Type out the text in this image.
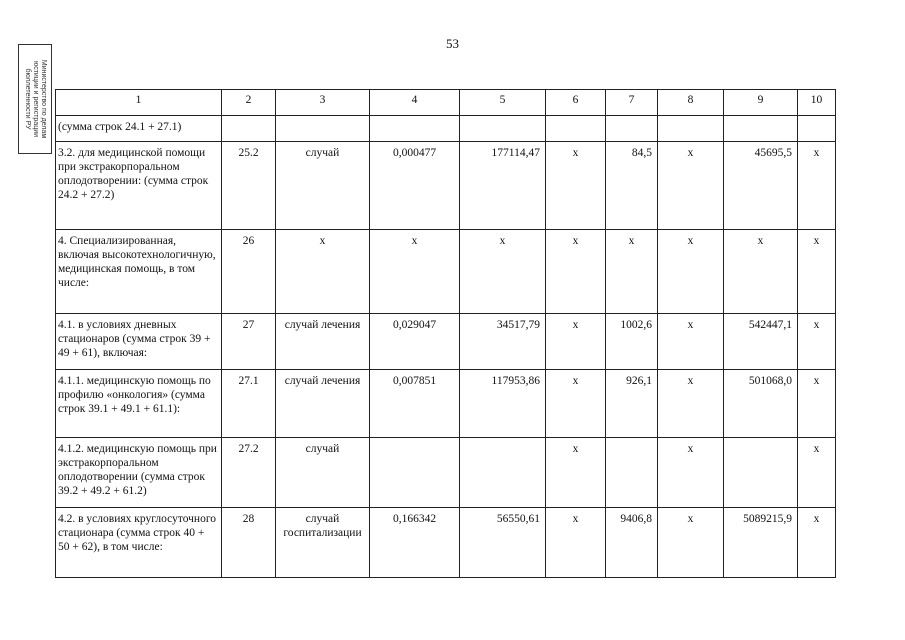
53
Министерство по делам юстиции и регистрации бюллетенности РУ	1	2	3	4	5	6	7	8	9	10
(сумма строк 24.1 + 27.1)									
3.2. для медицинской помощи при экстракорпоральном оплодотворении: (сумма строк 24.2 + 27.2)	25.2	случай	0,000477	177114,47	х	84,5	х	45695,5	х
4. Специализированная, включая высокотехнологичную, медицинская помощь, в том числе:	26	х	х	х	х	х	х	х	х
4.1. в условиях дневных стационаров (сумма строк 39 + 49 + 61), включая:	27	случай лечения	0,029047	34517,79	х	1002,6	х	542447,1	х
4.1.1. медицинскую помощь по профилю «онкология» (сумма строк 39.1 + 49.1 + 61.1):	27.1	случай лечения	0,007851	117953,86	х	926,1	х	501068,0	х
4.1.2. медицинскую помощь при экстракорпоральном оплодотворении (сумма строк 39.2 + 49.2 + 61.2)	27.2	случай			х		х		х
4.2. в условиях круглосуточного стационара (сумма строк 40 + 50 + 62), в том числе:	28	случай госпитализации	0,166342	56550,61	х	9406,8	х	5089215,9	х
